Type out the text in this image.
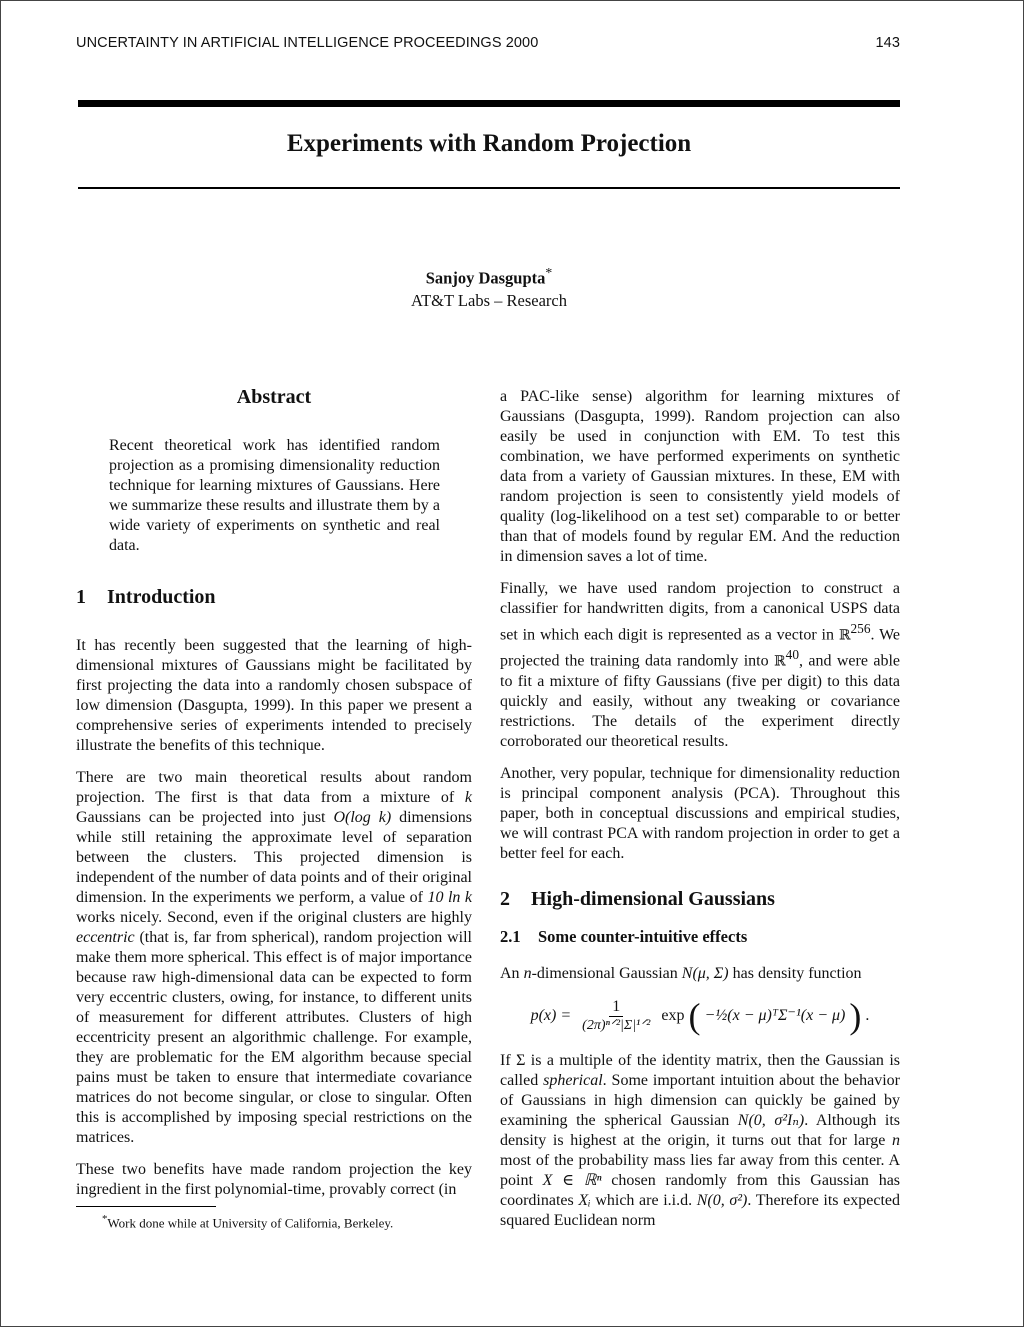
UNCERTAINTY IN ARTIFICIAL INTELLIGENCE PROCEEDINGS 2000	143
Experiments with Random Projection
Sanjoy Dasgupta*
AT&T Labs – Research
Abstract

Recent theoretical work has identified random projection as a promising dimensionality reduction technique for learning mixtures of Gaussians. Here we summarize these results and illustrate them by a wide variety of experiments on synthetic and real data.

1 Introduction

It has recently been suggested that the learning of high-dimensional mixtures of Gaussians might be facilitated by first projecting the data into a randomly chosen subspace of low dimension (Dasgupta, 1999). In this paper we present a comprehensive series of experiments intended to precisely illustrate the benefits of this technique.

There are two main theoretical results about random projection. The first is that data from a mixture of k Gaussians can be projected into just O(log k) dimensions while still retaining the approximate level of separation between the clusters. This projected dimension is independent of the number of data points and of their original dimension. In the experiments we perform, a value of 10 ln k works nicely. Second, even if the original clusters are highly eccentric (that is, far from spherical), random projection will make them more spherical. This effect is of major importance because raw high-dimensional data can be expected to form very eccentric clusters, owing, for instance, to different units of measurement for different attributes. Clusters of high eccentricity present an algorithmic challenge. For example, they are problematic for the EM algorithm because special pains must be taken to ensure that intermediate covariance matrices do not become singular, or close to singular. Often this is accomplished by imposing special restrictions on the matrices.

These two benefits have made random projection the key ingredient in the first polynomial-time, provably correct (in

*Work done while at University of California, Berkeley.

a PAC-like sense) algorithm for learning mixtures of Gaussians (Dasgupta, 1999). Random projection can also easily be used in conjunction with EM. To test this combination, we have performed experiments on synthetic data from a variety of Gaussian mixtures. In these, EM with random projection is seen to consistently yield models of quality (log-likelihood on a test set) comparable to or better than that of models found by regular EM. And the reduction in dimension saves a lot of time.

Finally, we have used random projection to construct a classifier for handwritten digits, from a canonical USPS data set in which each digit is represented as a vector in ℝ$^{256}$. We projected the training data randomly into ℝ$^{40}$, and were able to fit a mixture of fifty Gaussians (five per digit) to this data quickly and easily, without any tweaking or covariance restrictions. The details of the experiment directly corroborated our theoretical results.

Another, very popular, technique for dimensionality reduction is principal component analysis (PCA). Throughout this paper, both in conceptual discussions and empirical studies, we will contrast PCA with random projection in order to get a better feel for each.

2 High-dimensional Gaussians
2.1 Some counter-intuitive effects

An n-dimensional Gaussian N(μ, Σ) has density function

$p(x) = \frac{1}{\text{(2π)ⁿᐟ²|Σ|¹ᐟ²}}$ exp ( −½(x − μ)ᵀΣ⁻¹(x − μ) ) .

If Σ is a multiple of the identity matrix, then the Gaussian is called spherical. Some important intuition about the behavior of Gaussians in high dimension can quickly be gained by examining the spherical Gaussian N(0, σ²Iₙ). Although its density is highest at the origin, it turns out that for large n most of the probability mass lies far away from this center. A point X ∈ ℝⁿ chosen randomly from this Gaussian has coordinates Xᵢ which are i.i.d. N(0, σ²). Therefore its expected squared Euclidean norm
